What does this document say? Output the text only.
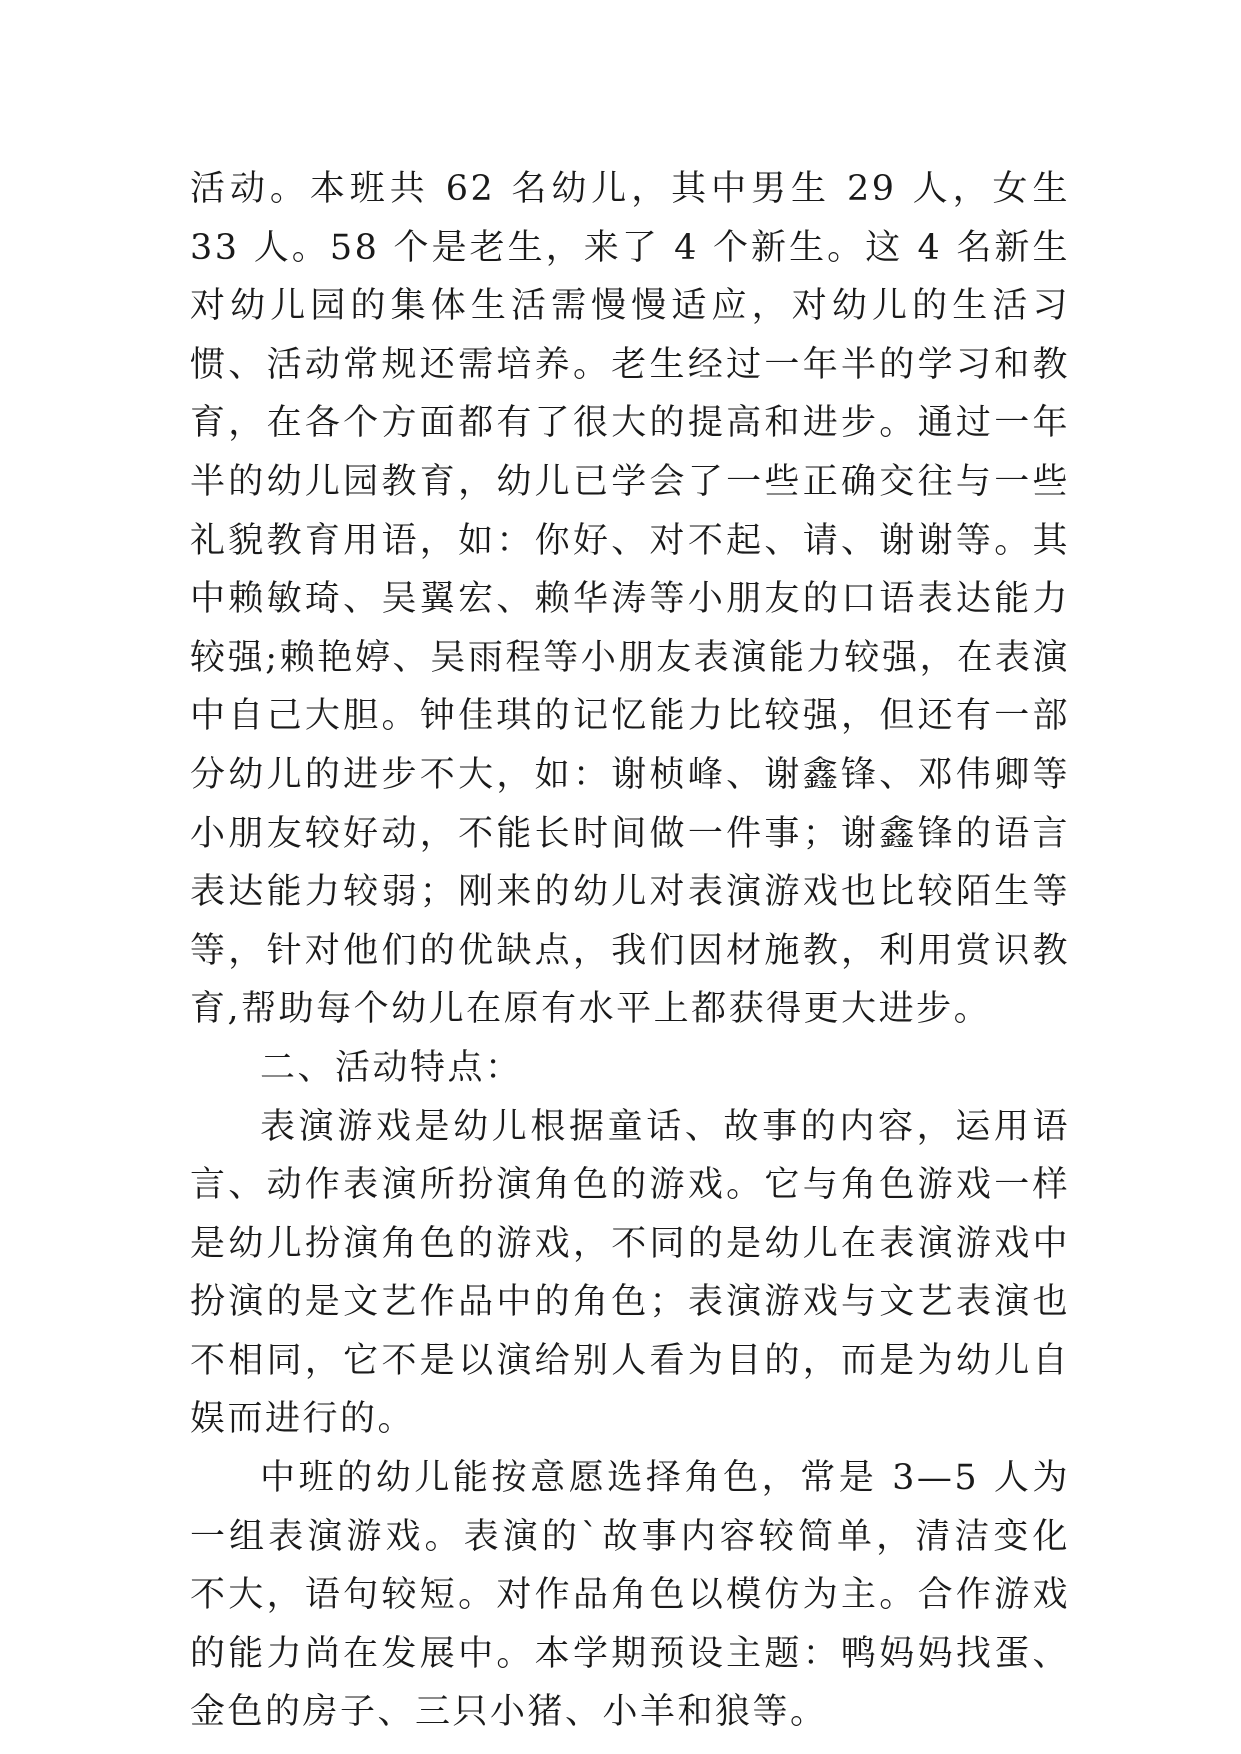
活动。本班共 62 名幼儿，其中男生 29 人，女生 33 人。58 个是老生，来了 4 个新生。这 4 名新生对幼儿园的集体生活需慢慢适应，对幼儿的生活习惯、活动常规还需培养。老生经过一年半的学习和教育，在各个方面都有了很大的提高和进步。通过一年半的幼儿园教育，幼儿已学会了一些正确交往与一些礼貌教育用语，如：你好、对不起、请、谢谢等。其中赖敏琦、吴翼宏、赖华涛等小朋友的口语表达能力较强;赖艳婷、吴雨程等小朋友表演能力较强，在表演中自己大胆。钟佳琪的记忆能力比较强，但还有一部分幼儿的进步不大，如：谢桢峰、谢鑫锋、邓伟卿等小朋友较好动，不能长时间做一件事；谢鑫锋的语言表达能力较弱；刚来的幼儿对表演游戏也比较陌生等等，针对他们的优缺点，我们因材施教，利用赏识教育,帮助每个幼儿在原有水平上都获得更大进步。

二、活动特点：

表演游戏是幼儿根据童话、故事的内容，运用语言、动作表演所扮演角色的游戏。它与角色游戏一样是幼儿扮演角色的游戏，不同的是幼儿在表演游戏中扮演的是文艺作品中的角色；表演游戏与文艺表演也不相同，它不是以演给别人看为目的，而是为幼儿自娱而进行的。

中班的幼儿能按意愿选择角色，常是 3—5 人为一组表演游戏。表演的`故事内容较简单，清洁变化不大，语句较短。对作品角色以模仿为主。合作游戏的能力尚在发展中。本学期预设主题：鸭妈妈找蛋、金色的房子、三只小猪、小羊和狼等。
